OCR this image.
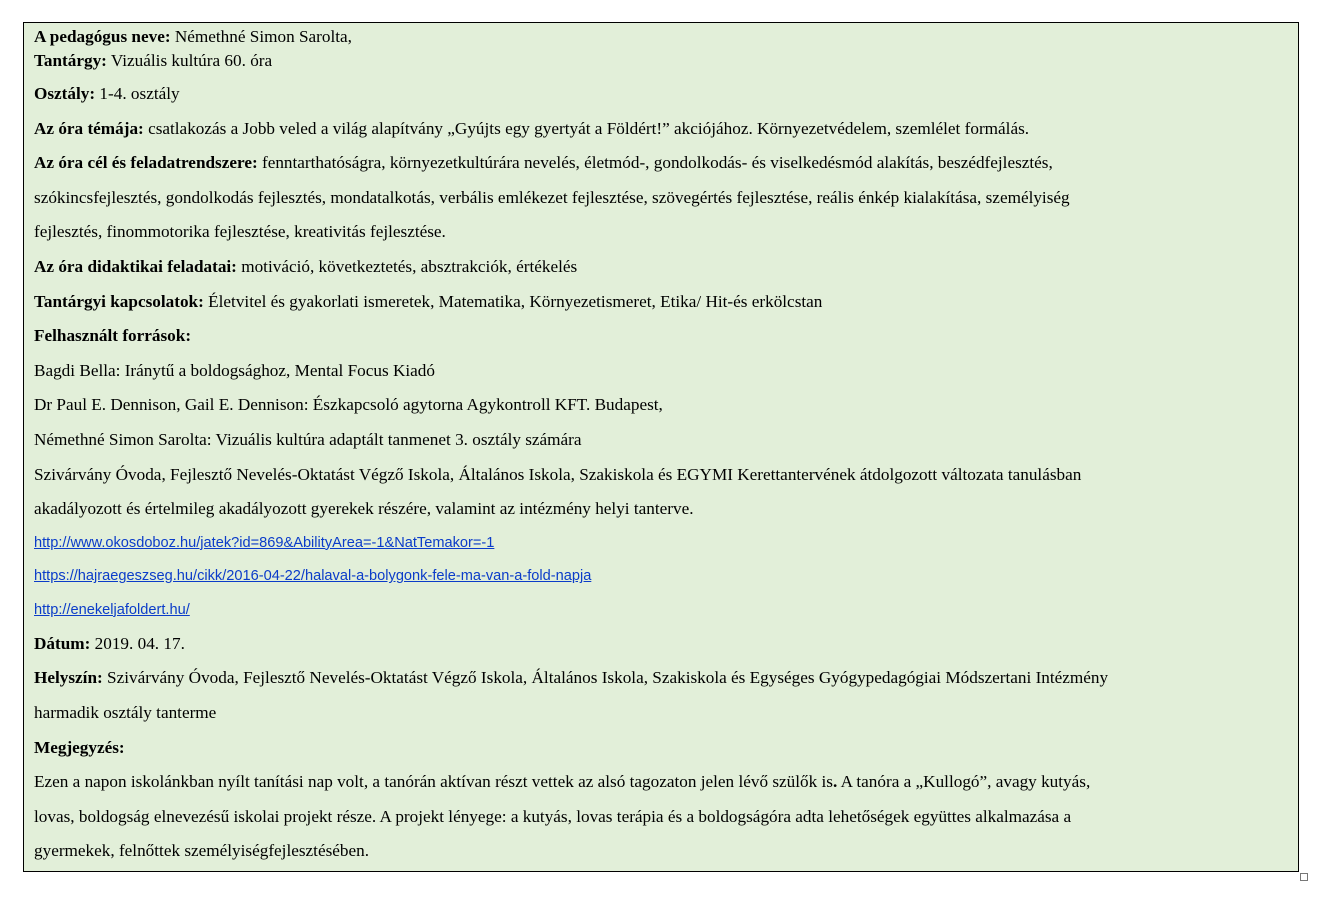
A pedagógus neve: Némethné Simon Sarolta,
Tantárgy: Vizuális kultúra 60. óra
Osztály: 1-4. osztály
Az óra témája: csatlakozás a Jobb veled a világ alapítvány „Gyújts egy gyertyát a Földért!” akciójához. Környezetvédelem, szemlélet formálás.
Az óra cél és feladatrendszere: fenntarthatóságra, környezetkultúrára nevelés, életmód-, gondolkodás- és viselkedésmód alakítás, beszédfejlesztés,
szókincsfejlesztés, gondolkodás fejlesztés, mondatalkotás, verbális emlékezet fejlesztése, szövegértés fejlesztése, reális énkép kialakítása, személyiség
fejlesztés, finommotorika fejlesztése, kreativitás fejlesztése.
Az óra didaktikai feladatai: motiváció, következtetés, absztrakciók, értékelés
Tantárgyi kapcsolatok: Életvitel és gyakorlati ismeretek, Matematika, Környezetismeret, Etika/ Hit-és erkölcstan
Felhasznált források:
Bagdi Bella: Iránytű a boldogsághoz, Mental Focus Kiadó
Dr Paul E. Dennison, Gail E. Dennison: Észkapcsoló agytorna Agykontroll KFT. Budapest,
Némethné Simon Sarolta: Vizuális kultúra adaptált tanmenet 3. osztály számára
Szivárvány Óvoda, Fejlesztő Nevelés-Oktatást Végző Iskola, Általános Iskola, Szakiskola és EGYMI Kerettantervének átdolgozott változata tanulásban
akadályozott és értelmileg akadályozott gyerekek részére, valamint az intézmény helyi tanterve.
http://www.okosdoboz.hu/jatek?id=869&AbilityArea=-1&NatTemakor=-1
https://hajraegeszseg.hu/cikk/2016-04-22/halaval-a-bolygonk-fele-ma-van-a-fold-napja
http://enekeljafoldert.hu/
Dátum: 2019. 04. 17.
Helyszín: Szivárvány Óvoda, Fejlesztő Nevelés-Oktatást Végző Iskola, Általános Iskola, Szakiskola és Egységes Gyógypedagógiai Módszertani Intézmény
harmadik osztály tanterme
Megjegyzés:
Ezen a napon iskolánkban nyílt tanítási nap volt, a tanórán aktívan részt vettek az alsó tagozaton jelen lévő szülők is. A tanóra a „Kullogó”, avagy kutyás,
lovas, boldogság elnevezésű iskolai projekt része. A projekt lényege: a kutyás, lovas terápia és a boldogságóra adta lehetőségek együttes alkalmazása a
gyermekek, felnőttek személyiségfejlesztésében.
